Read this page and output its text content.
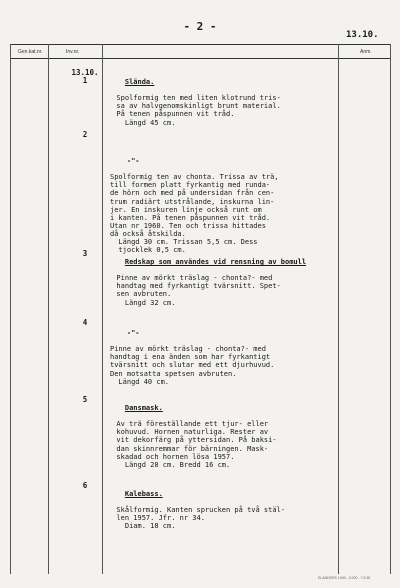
- 2 -
13.10.
Gen.kat.nr.	Inv.nr.	Anm.
13.10.
1	Slända.

Spolformig ten med liten klotrund tris-
sa av halvgenomskinligt brunt material.
På tenen påspunnen vit tråd.
Längd 45 cm.

2

-"-

Spolformig ten av chonta. Trissa av trä,
till formen platt fyrkantig med runda-
de hörn och med på undersidan från cen-
trum radiärt utstrålande, inskurna lin-
jer. En inskuren linje också runt om
i kanten. På tenen påspunnen vit tråd.
Utan nr 1960. Ten och trissa hittades
då också åtskilda.
Längd 30 cm. Trissan 5,5 cm. Dess
tjocklek 0,5 cm.

3

Redskap som användes vid rensning av bomull

Pinne av mörkt träslag - chonta?- med
handtag med fyrkantigt tvärsnitt. Spet-
sen avbruten.
Längd 32 cm.

4

-"-

Pinne av mörkt träslag - chonta?- med
handtag i ena änden som har fyrkantigt
tvärsnitt och slutar med ett djurhuvud.
Den motsatta spetsen avbruten.
Längd 40 cm.

5

Dansmask.

Av trä föreställande ett tjur- eller
kohuvud. Hornen naturliga. Rester av
vit dekorfärg på yttersidan. På baksi-
dan skinnremmar för bärningen. Mask-
skadad och hornen lösa 1957.
Längd 28 cm. Bredd 16 cm.

6

Kalebass.

Skålformig. Kanten sprucken på två stäl-
len 1957. Jfr. nr 34.
Diam. 18 cm.

ELANDERS 1949 - 2.000 - 7.5.50
